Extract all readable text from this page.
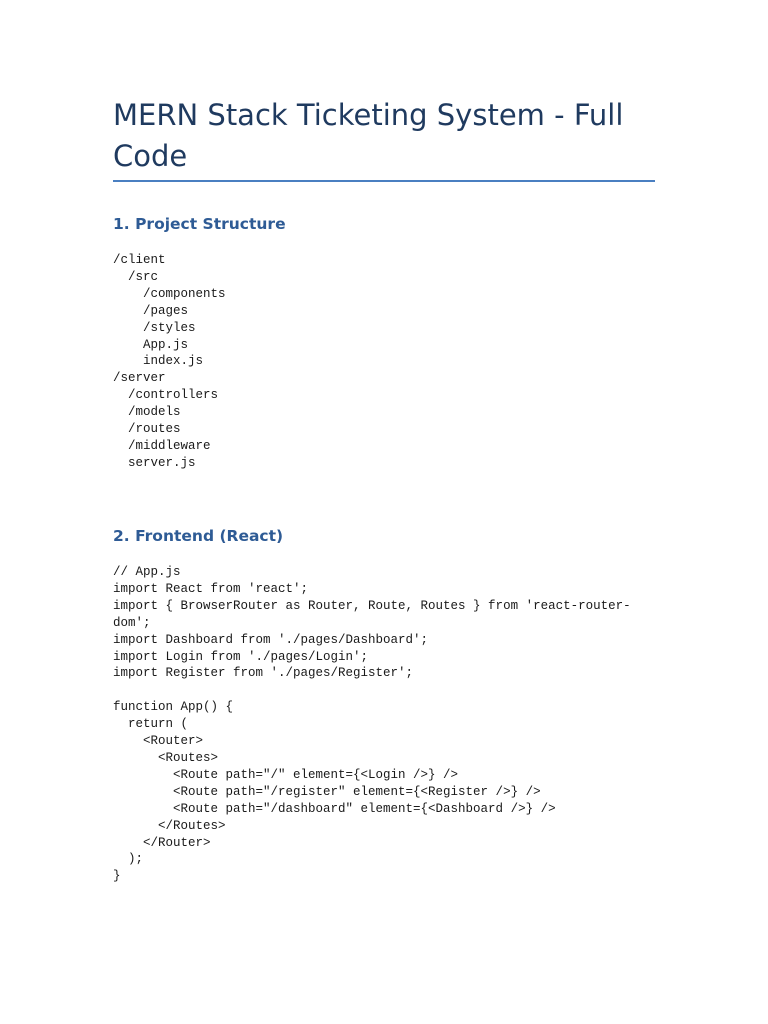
MERN Stack Ticketing System - Full Code
1. Project Structure
/client
/src
/components
/pages
/styles
App.js
index.js
/server
/controllers
/models
/routes
/middleware
server.js
2. Frontend (React)
// App.js
import React from 'react';
import { BrowserRouter as Router, Route, Routes } from 'react-router-
dom';
import Dashboard from './pages/Dashboard';
import Login from './pages/Login';
import Register from './pages/Register';

function App() {
return (
<Router>
<Routes>
<Route path="/" element={<Login />} />
<Route path="/register" element={<Register />} />
<Route path="/dashboard" element={<Dashboard />} />
</Routes>
</Router>
);
}
